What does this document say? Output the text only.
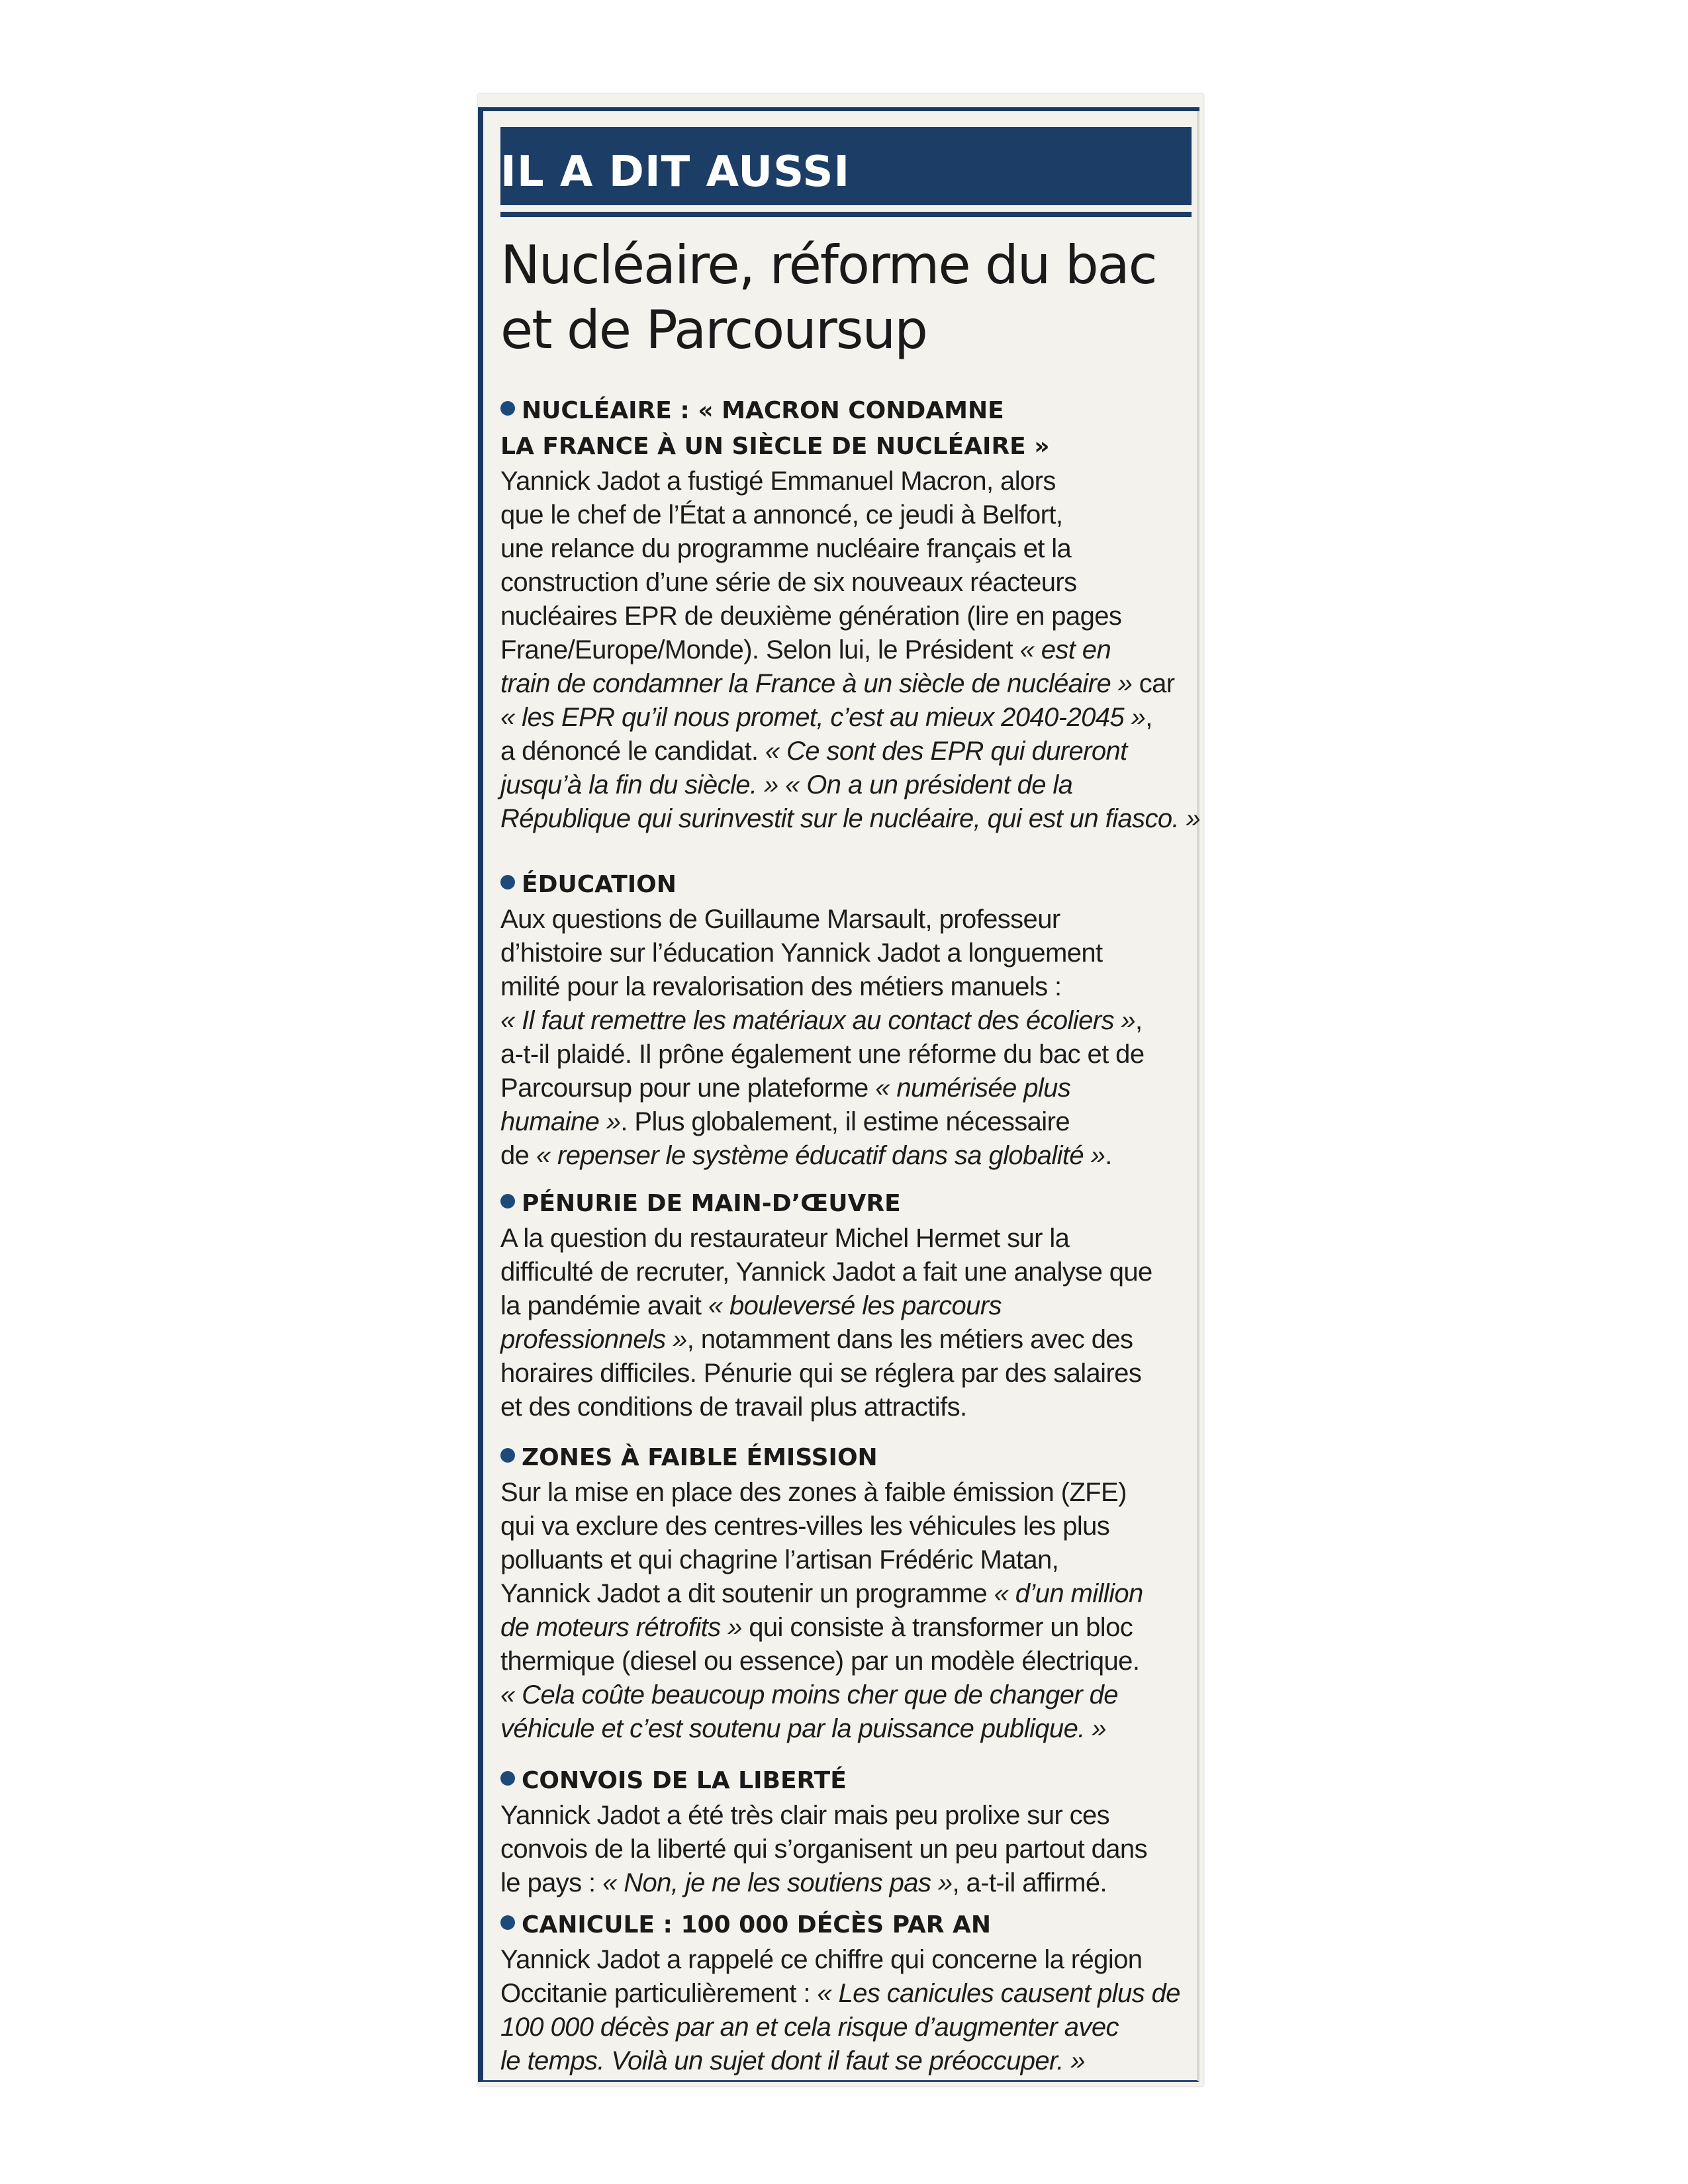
IL A DIT AUSSI
Nucléaire, réforme du bac
et de Parcoursup
NUCLÉAIRE : « MACRON CONDAMNE
LA FRANCE À UN SIÈCLE DE NUCLÉAIRE »
Yannick Jadot a fustigé Emmanuel Macron, alors
que le chef de l’État a annoncé, ce jeudi à Belfort,
une relance du programme nucléaire français et la
construction d’une série de six nouveaux réacteurs
nucléaires EPR de deuxième génération (lire en pages
Frane/Europe/Monde). Selon lui, le Président « est en
train de condamner la France à un siècle de nucléaire » car
« les EPR qu’il nous promet, c’est au mieux 2040-2045 »,
a dénoncé le candidat. « Ce sont des EPR qui dureront
jusqu’à la fin du siècle. » « On a un président de la
République qui surinvestit sur le nucléaire, qui est un fiasco. »
ÉDUCATION
Aux questions de Guillaume Marsault, professeur
d’histoire sur l’éducation Yannick Jadot a longuement
milité pour la revalorisation des métiers manuels :
« Il faut remettre les matériaux au contact des écoliers »,
a-t-il plaidé. Il prône également une réforme du bac et de
Parcoursup pour une plateforme « numérisée plus
humaine ». Plus globalement, il estime nécessaire
de « repenser le système éducatif dans sa globalité ».
PÉNURIE DE MAIN-D’ŒUVRE
A la question du restaurateur Michel Hermet sur la
difficulté de recruter, Yannick Jadot a fait une analyse que
la pandémie avait « bouleversé les parcours
professionnels », notamment dans les métiers avec des
horaires difficiles. Pénurie qui se réglera par des salaires
et des conditions de travail plus attractifs.
ZONES À FAIBLE ÉMISSION
Sur la mise en place des zones à faible émission (ZFE)
qui va exclure des centres-villes les véhicules les plus
polluants et qui chagrine l’artisan Frédéric Matan,
Yannick Jadot a dit soutenir un programme « d’un million
de moteurs rétrofits » qui consiste à transformer un bloc
thermique (diesel ou essence) par un modèle électrique.
« Cela coûte beaucoup moins cher que de changer de
véhicule et c’est soutenu par la puissance publique. »
CONVOIS DE LA LIBERTÉ
Yannick Jadot a été très clair mais peu prolixe sur ces
convois de la liberté qui s’organisent un peu partout dans
le pays : « Non, je ne les soutiens pas », a-t-il affirmé.
CANICULE : 100 000 DÉCÈS PAR AN
Yannick Jadot a rappelé ce chiffre qui concerne la région
Occitanie particulièrement : « Les canicules causent plus de
100 000 décès par an et cela risque d’augmenter avec
le temps. Voilà un sujet dont il faut se préoccuper. »
